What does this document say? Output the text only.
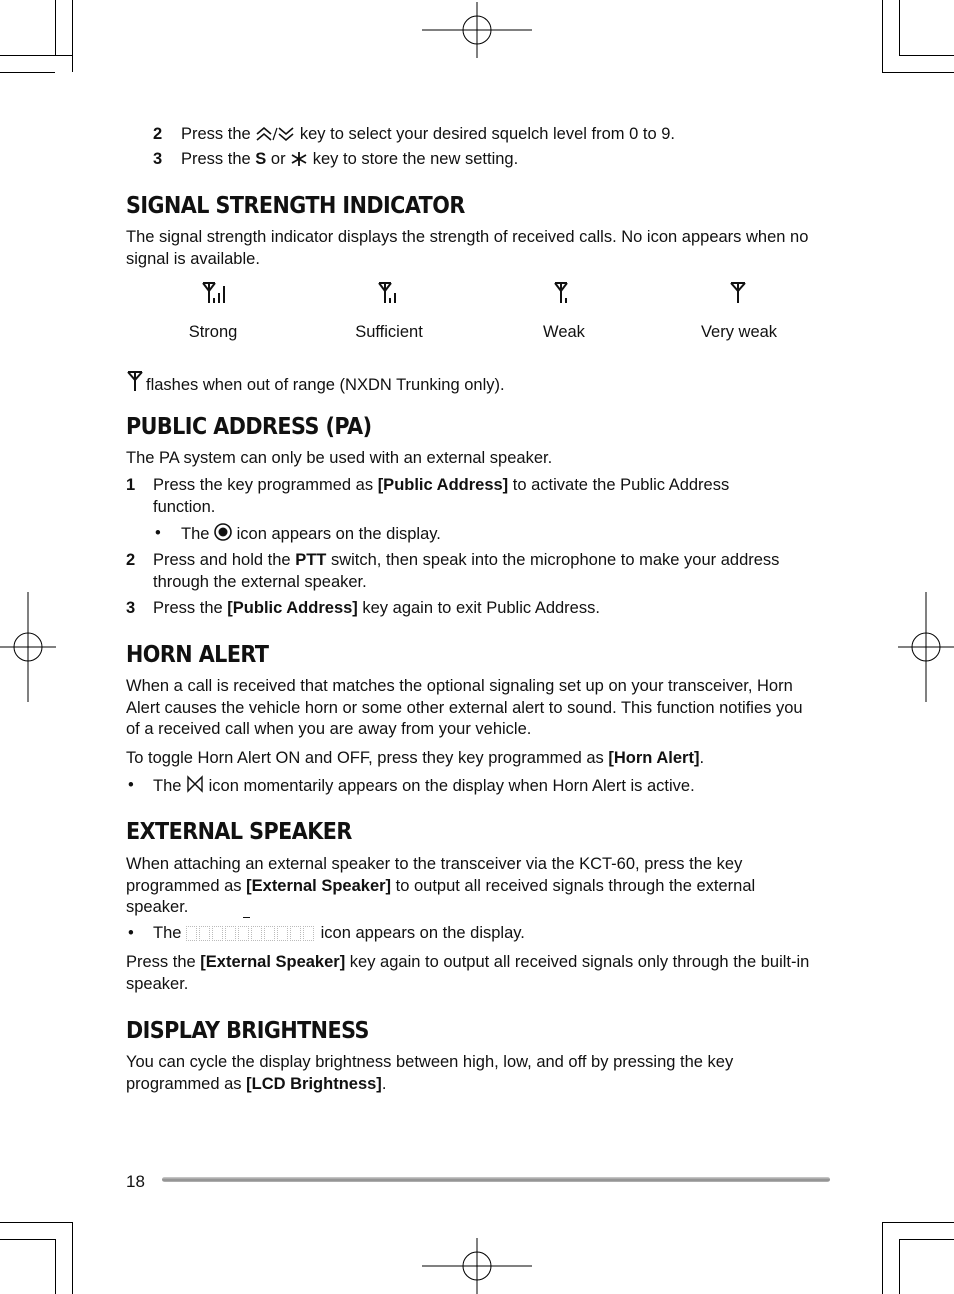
2 Press the  key to select your desired squelch level from 0 to 9.
3 Press the S or  key to store the new setting.
SIGNAL STRENGTH INDICATOR

The signal strength indicator displays the strength of received calls. No icon appears when no signal is available.

Strong	Sufficient	Weak	Very weak
flashes when out of range (NXDN Trunking only).
PUBLIC ADDRESS (PA)

The PA system can only be used with an external speaker.

1 Press the key programmed as [Public Address] to activate the Public Address
function.
• The  icon appears on the display.
2 Press and hold the PTT switch, then speak into the microphone to make your address
through the external speaker.
3 Press the [Public Address] key again to exit Public Address.
HORN ALERT

When a call is received that matches the optional signaling set up on your transceiver, Horn Alert causes the vehicle horn or some other external alert to sound. This function notifies you of a received call when you are away from your vehicle.

To toggle Horn Alert ON and OFF, press they key programmed as [Horn Alert].

• The  icon momentarily appears on the display when Horn Alert is active.
EXTERNAL SPEAKER

When attaching an external speaker to the transceiver via the KCT-60, press the key programmed as [External Speaker] to output all received signals through the external speaker.

• The	icon appears on the display.

Press the [External Speaker] key again to output all received signals only through the built-in speaker.

DISPLAY BRIGHTNESS

You can cycle the display brightness between high, low, and off by pressing the key programmed as [LCD Brightness].

18
